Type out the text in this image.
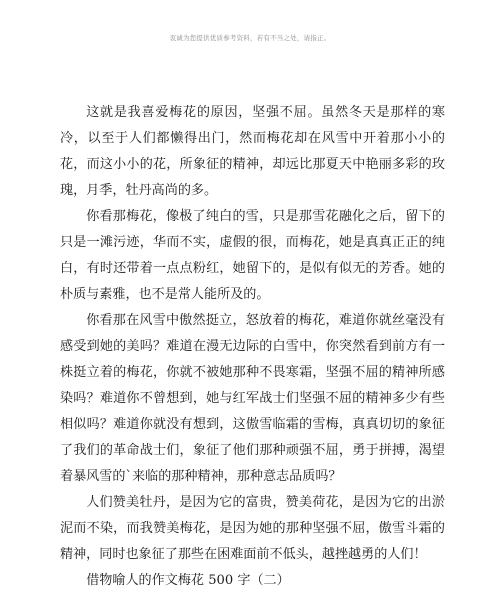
衷诚为您提供优质参考资料，若有不当之处，请指正。

这就是我喜爱梅花的原因，坚强不屈。虽然冬天是那样的寒冷，以至于人们都懒得出门，然而梅花却在风雪中开着那小小的花，而这小小的花，所象征的精神，却远比那夏天中艳丽多彩的玫瑰，月季，牡丹高尚的多。

你看那梅花，像极了纯白的雪，只是那雪花融化之后，留下的只是一滩污迹，华而不实，虚假的很，而梅花，她是真真正正的纯白，有时还带着一点点粉红，她留下的，是似有似无的芳香。她的朴质与素雅，也不是常人能所及的。

你看那在风雪中傲然挺立，怒放着的梅花，难道你就丝毫没有感受到她的美吗？难道在漫无边际的白雪中，你突然看到前方有一株挺立着的梅花，你就不被她那种不畏寒霜，坚强不屈的精神所感染吗？难道你不曾想到，她与红军战士们坚强不屈的精神多少有些相似吗？难道你就没有想到，这傲雪临霜的雪梅，真真切切的象征了我们的革命战士们，象征了他们那种顽强不屈，勇于拼搏，渴望着暴风雪的`来临的那种精神，那种意志品质吗？

人们赞美牡丹，是因为它的富贵，赞美荷花，是因为它的出淤泥而不染，而我赞美梅花，是因为她的那种坚强不屈，傲雪斗霜的精神，同时也象征了那些在困难面前不低头，越挫越勇的人们！

借物喻人的作文梅花 500 字（二）
